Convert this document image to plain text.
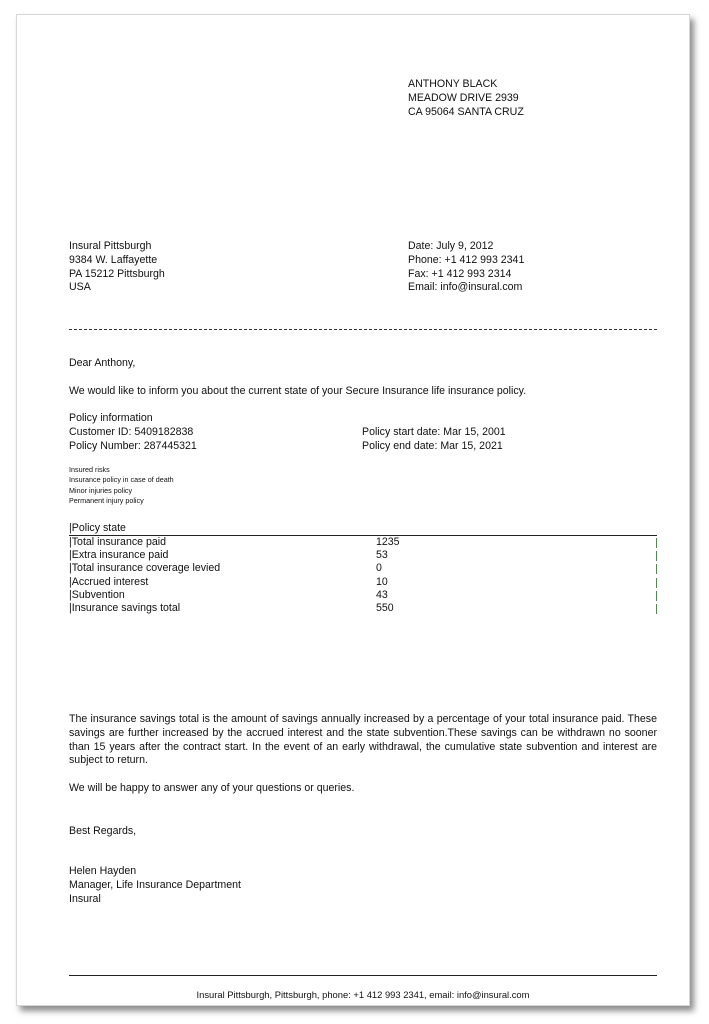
ANTHONY BLACK
MEADOW DRIVE 2939
CA 95064 SANTA CRUZ
Insural Pittsburgh
9384 W. Laffayette
PA 15212 Pittsburgh
USA
Date: July 9, 2012
Phone: +1 412 993 2341
Fax: +1 412 993 2314
Email: info@insural.com
Dear Anthony,
We would like to inform you about the current state of your Secure Insurance life insurance policy.
Policy information
Customer ID: 5409182838
Policy Number: 287445321
Policy start date: Mar 15, 2001
Policy end date: Mar 15, 2021
Insured risks
Insurance policy in case of death
Minor injuries policy
Permanent injury policy
| Policy state
| Total insurance paid	1235
| Extra insurance paid	53
| Total insurance coverage levied	0
| Accrued interest	10
| Subvention	43
| Insurance savings total	550
The insurance savings total is the amount of savings annually increased by a percentage of your total insurance paid. These savings are further increased by the accrued interest and the state subvention.These savings can be withdrawn no sooner than 15 years after the contract start. In the event of an early withdrawal, the cumulative state subvention and interest are subject to return.
We will be happy to answer any of your questions or queries.
Best Regards,
Helen Hayden
Manager, Life Insurance Department
Insural
Insural Pittsburgh, Pittsburgh, phone: +1 412 993 2341, email: info@insural.com
